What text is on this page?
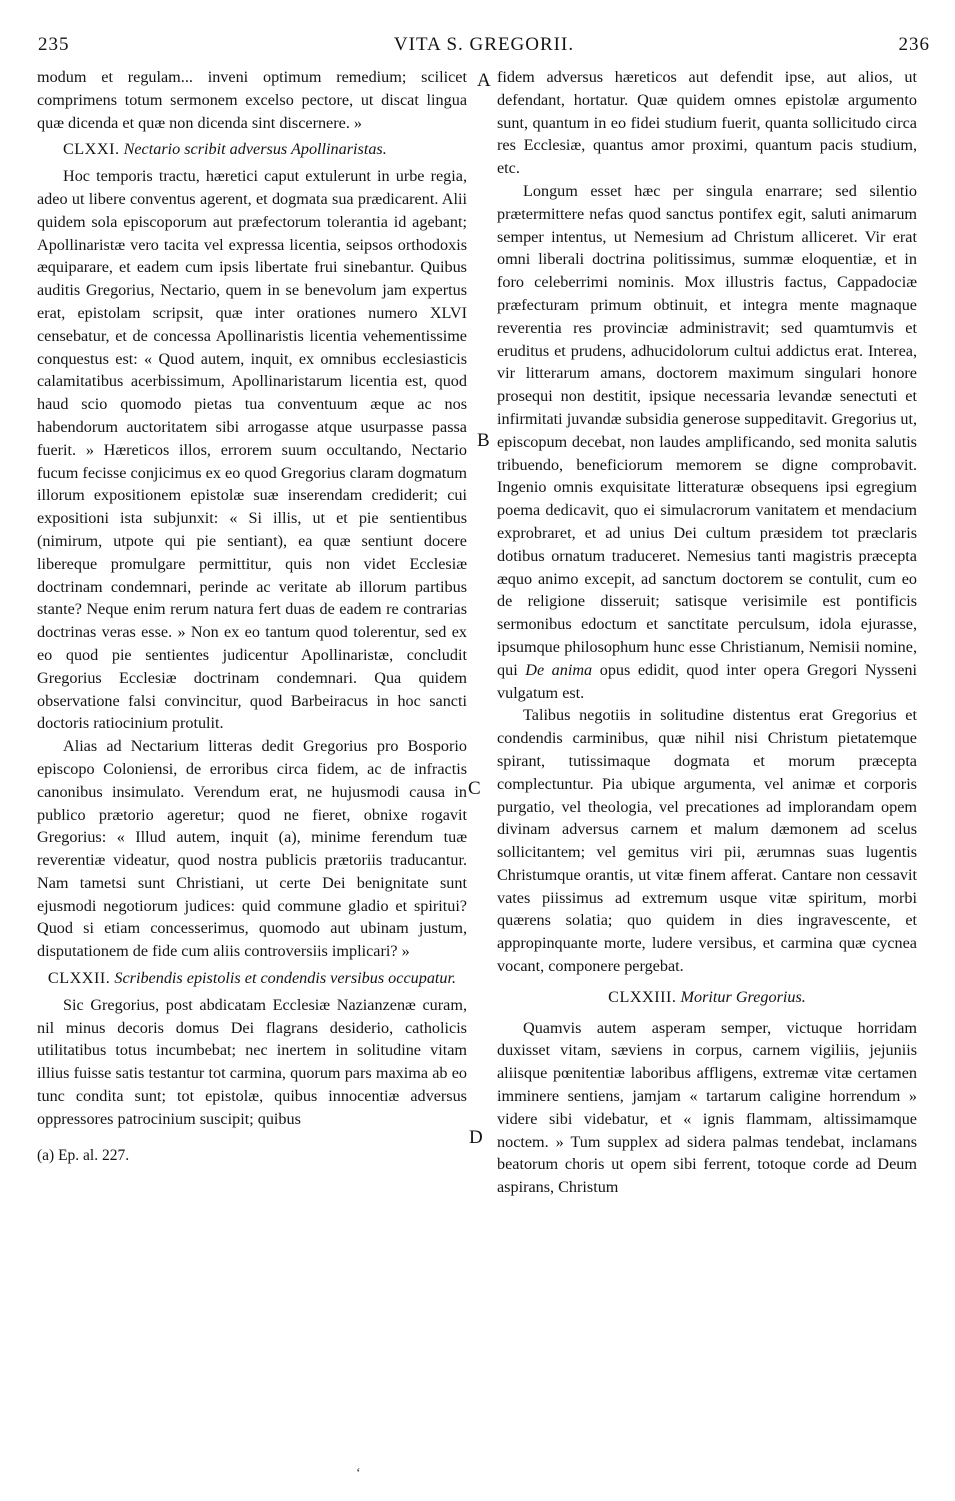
235	VITA S. GREGORII.	236
A
B
C
D

modum et regulam... inveni optimum remedium; scilicet comprimens totum sermonem excelso pectore, ut discat lingua quæ dicenda et quæ non dicenda sint discernere. »

CLXXI. Nectario scribit adversus Apollinaristas.

Hoc temporis tractu, hæretici caput extulerunt in urbe regia, adeo ut libere conventus agerent, et dogmata sua prædicarent. Alii quidem sola episcoporum aut præfectorum tolerantia id agebant; Apollinaristæ vero tacita vel expressa licentia, seipsos orthodoxis æquiparare, et eadem cum ipsis libertate frui sinebantur. Quibus auditis Gregorius, Nectario, quem in se benevolum jam expertus erat, epistolam scripsit, quæ inter orationes numero XLVI censebatur, et de concessa Apollinaristis licentia vehementissime conquestus est: « Quod autem, inquit, ex omnibus ecclesiasticis calamitatibus acerbissimum, Apollinaristarum licentia est, quod haud scio quomodo pietas tua conventuum æque ac nos habendorum auctoritatem sibi arrogasse atque usurpasse passa fuerit. » Hæreticos illos, errorem suum occultando, Nectario fucum fecisse conjicimus ex eo quod Gregorius claram dogmatum illorum expositionem epistolæ suæ inserendam crediderit; cui expositioni ista subjunxit: « Si illis, ut et pie sentientibus (nimirum, utpote qui pie sentiant), ea quæ sentiunt docere libereque promulgare permittitur, quis non videt Ecclesiæ doctrinam condemnari, perinde ac veritate ab illorum partibus stante? Neque enim rerum natura fert duas de eadem re contrarias doctrinas veras esse. » Non ex eo tantum quod tolerentur, sed ex eo quod pie sentientes judicentur Apollinaristæ, concludit Gregorius Ecclesiæ doctrinam condemnari. Qua quidem observatione falsi convincitur, quod Barbeiracus in hoc sancti doctoris ratiocinium protulit.

Alias ad Nectarium litteras dedit Gregorius pro Bosporio episcopo Coloniensi, de erroribus circa fidem, ac de infractis canonibus insimulato. Verendum erat, ne hujusmodi causa in publico prætorio ageretur; quod ne fieret, obnixe rogavit Gregorius: « Illud autem, inquit (a), minime ferendum tuæ reverentiæ videatur, quod nostra publicis prætoriis traducantur. Nam tametsi sunt Christiani, ut certe Dei benignitate sunt ejusmodi negotiorum judices: quid commune gladio et spiritui? Quod si etiam concesserimus, quomodo aut ubinam justum, disputationem de fide cum aliis controversiis implicari? »

CLXXII. Scribendis epistolis et condendis versibus occupatur.

Sic Gregorius, post abdicatam Ecclesiæ Nazianzenæ curam, nil minus decoris domus Dei flagrans desiderio, catholicis utilitatibus totus incumbebat; nec inertem in solitudine vitam illius fuisse satis testantur tot carmina, quorum pars maxima ab eo tunc condita sunt; tot epistolæ, quibus innocentiæ adversus oppressores patrocinium suscipit; quibus

(a) Ep. al. 227.

fidem adversus hæreticos aut defendit ipse, aut alios, ut defendant, hortatur. Quæ quidem omnes epistolæ argumento sunt, quantum in eo fidei studium fuerit, quanta sollicitudo circa res Ecclesiæ, quantus amor proximi, quantum pacis studium, etc.

Longum esset hæc per singula enarrare; sed silentio prætermittere nefas quod sanctus pontifex egit, saluti animarum semper intentus, ut Nemesium ad Christum alliceret. Vir erat omni liberali doctrina politissimus, summæ eloquentiæ, et in foro celeberrimi nominis. Mox illustris factus, Cappadociæ præfecturam primum obtinuit, et integra mente magnaque reverentia res provinciæ administravit; sed quamtumvis et eruditus et prudens, adhucidolorum cultui addictus erat. Interea, vir litterarum amans, doctorem maximum singulari honore prosequi non destitit, ipsique necessaria levandæ senectuti et infirmitati juvandæ subsidia generose suppeditavit. Gregorius ut, episcopum decebat, non laudes amplificando, sed monita salutis tribuendo, beneficiorum memorem se digne comprobavit. Ingenio omnis exquisitate litteraturæ obsequens ipsi egregium poema dedicavit, quo ei simulacrorum vanitatem et mendacium exprobraret, et ad unius Dei cultum præsidem tot præclaris dotibus ornatum traduceret. Nemesius tanti magistris præcepta æquo animo excepit, ad sanctum doctorem se contulit, cum eo de religione disseruit; satisque verisimile est pontificis sermonibus edoctum et sanctitate perculsum, idola ejurasse, ipsumque philosophum hunc esse Christianum, Nemisii nomine, qui De anima opus edidit, quod inter opera Gregori Nysseni vulgatum est.

Talibus negotiis in solitudine distentus erat Gregorius et condendis carminibus, quæ nihil nisi Christum pietatemque spirant, tutissimaque dogmata et morum præcepta complectuntur. Pia ubique argumenta, vel animæ et corporis purgatio, vel theologia, vel precationes ad implorandam opem divinam adversus carnem et malum dæmonem ad scelus sollicitantem; vel gemitus viri pii, ærumnas suas lugentis Christumque orantis, ut vitæ finem afferat. Cantare non cessavit vates piissimus ad extremum usque vitæ spiritum, morbi quærens solatia; quo quidem in dies ingravescente, et appropinquante morte, ludere versibus, et carmina quæ cycnea vocant, componere pergebat.

CLXXIII. Moritur Gregorius.

Quamvis autem asperam semper, victuque horridam duxisset vitam, sæviens in corpus, carnem vigiliis, jejuniis aliisque pœnitentiæ laboribus affligens, extremæ vitæ certamen imminere sentiens, jamjam « tartarum caligine horrendum » videre sibi videbatur, et « ignis flammam, altissimamque noctem. » Tum supplex ad sidera palmas tendebat, inclamans beatorum choris ut opem sibi ferrent, totoque corde ad Deum aspirans, Christum

ʻ
